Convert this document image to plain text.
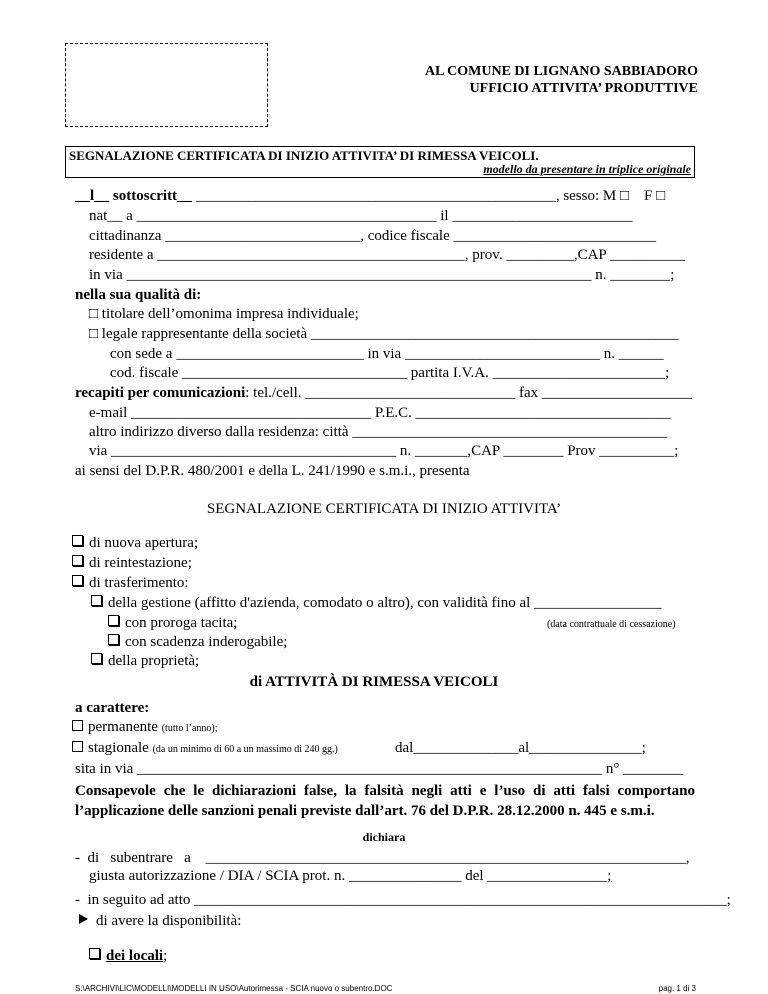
AL COMUNE DI LIGNANO SABBIADORO
UFFICIO ATTIVITA’ PRODUTTIVE
SEGNALAZIONE CERTIFICATA DI INIZIO ATTIVITA’ DI RIMESSA VEICOLI.
modello da presentare in triplice originale
__l__ sottoscritt__ ________________________________________________, sesso: M □    F □
nat__ a ________________________________________ il ________________________
cittadinanza __________________________, codice fiscale ___________________________
residente a _________________________________________, prov. _________,CAP __________
in via ______________________________________________________________ n. ________;
nella sua qualità di:
□ titolare dell’omonima impresa individuale;
□ legale rappresentante della società _________________________________________________
con sede a _________________________ in via __________________________ n. ______
cod. fiscale ______________________________ partita I.V.A. _______________________;
recapiti per comunicazioni: tel./cell. ____________________________ fax ____________________
e-mail ________________________________ P.E.C. __________________________________
altro indirizzo diverso dalla residenza: città __________________________________________
via ______________________________________ n. _______,CAP ________ Prov __________;
ai sensi del D.P.R. 480/2001 e della L. 241/1990 e s.m.i., presenta
SEGNALAZIONE CERTIFICATA DI INIZIO ATTIVITA’
di nuova apertura;
di reintestazione;
di trasferimento:
della gestione (affitto d'azienda, comodato o altro), con validità fino al _________________
con proroga tacita;	(data contrattuale di cessazione)
con scadenza inderogabile;
della proprietà;
di ATTIVITÀ DI RIMESSA VEICOLI
a carattere:
permanente (tutto l’anno);
stagionale (da un minimo di 60 a un massimo di 240 gg.)	dal______________al_______________;
sita in via ______________________________________________________________ n° ________
Consapevole che le dichiarazioni false, la falsità negli atti e l’uso di atti falsi comportano l’applicazione delle sanzioni penali previste dall’art. 76 del D.P.R. 28.12.2000 n. 445 e s.m.i.
dichiara
-  di   subentrare   a    ________________________________________________________________,
giusta autorizzazione / DIA / SCIA prot. n. _______________ del ________________;
-  in seguito ad atto _______________________________________________________________________;
di avere la disponibilità:
dei locali;
S:\ARCHIVI\LIC\MODELLI\MODELLI IN USO\Autorimessa - SCIA nuovo o subentro.DOC	pag. 1 di 3
